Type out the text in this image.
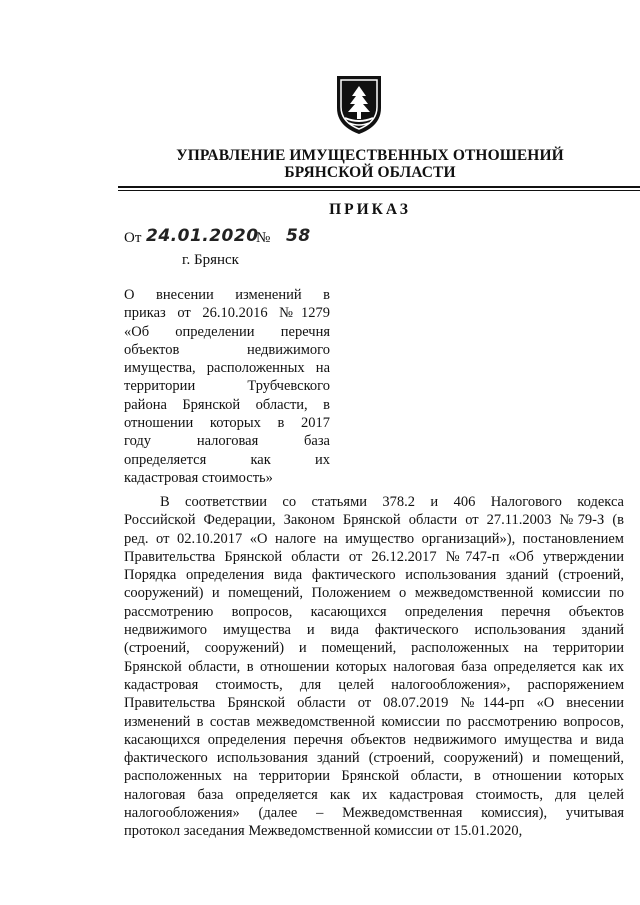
УПРАВЛЕНИЕ ИМУЩЕСТВЕННЫХ ОТНОШЕНИЙ
БРЯНСКОЙ ОБЛАСТИ
ПРИКАЗ
От 24.01.2020
№ 58
г. Брянск
О внесении изменений в
приказ от 26.10.2016 №1279
«Об определении перечня
объектов недвижимого
имущества, расположенных на
территории Трубчевского
района Брянской области, в
отношении которых в 2017
году налоговая база
определяется как их
кадастровая стоимость»
В соответствии со статьями 378.2 и 406 Налогового кодекса
Российской Федерации, Законом Брянской области от 27.11.2003 №79-З (в
ред. от 02.10.2017 «О налоге на имущество организаций»), постановлением
Правительства Брянской области от 26.12.2017 №747-п «Об утверждении
Порядка определения вида фактического использования зданий (строений,
сооружений) и помещений, Положением о межведомственной комиссии по
рассмотрению вопросов, касающихся определения перечня объектов
недвижимого имущества и вида фактического использования зданий
(строений, сооружений) и помещений, расположенных на территории
Брянской области, в отношении которых налоговая база определяется как их
кадастровая стоимость, для целей налогообложения», распоряжением
Правительства Брянской области от 08.07.2019 №144-рп «О внесении
изменений в состав межведомственной комиссии по рассмотрению вопросов,
касающихся определения перечня объектов недвижимого имущества и вида
фактического использования зданий (строений, сооружений) и помещений,
расположенных на территории Брянской области, в отношении которых
налоговая база определяется как их кадастровая стоимость, для целей
налогообложения» (далее – Межведомственная комиссия), учитывая
протокол заседания Межведомственной комиссии от 15.01.2020,
